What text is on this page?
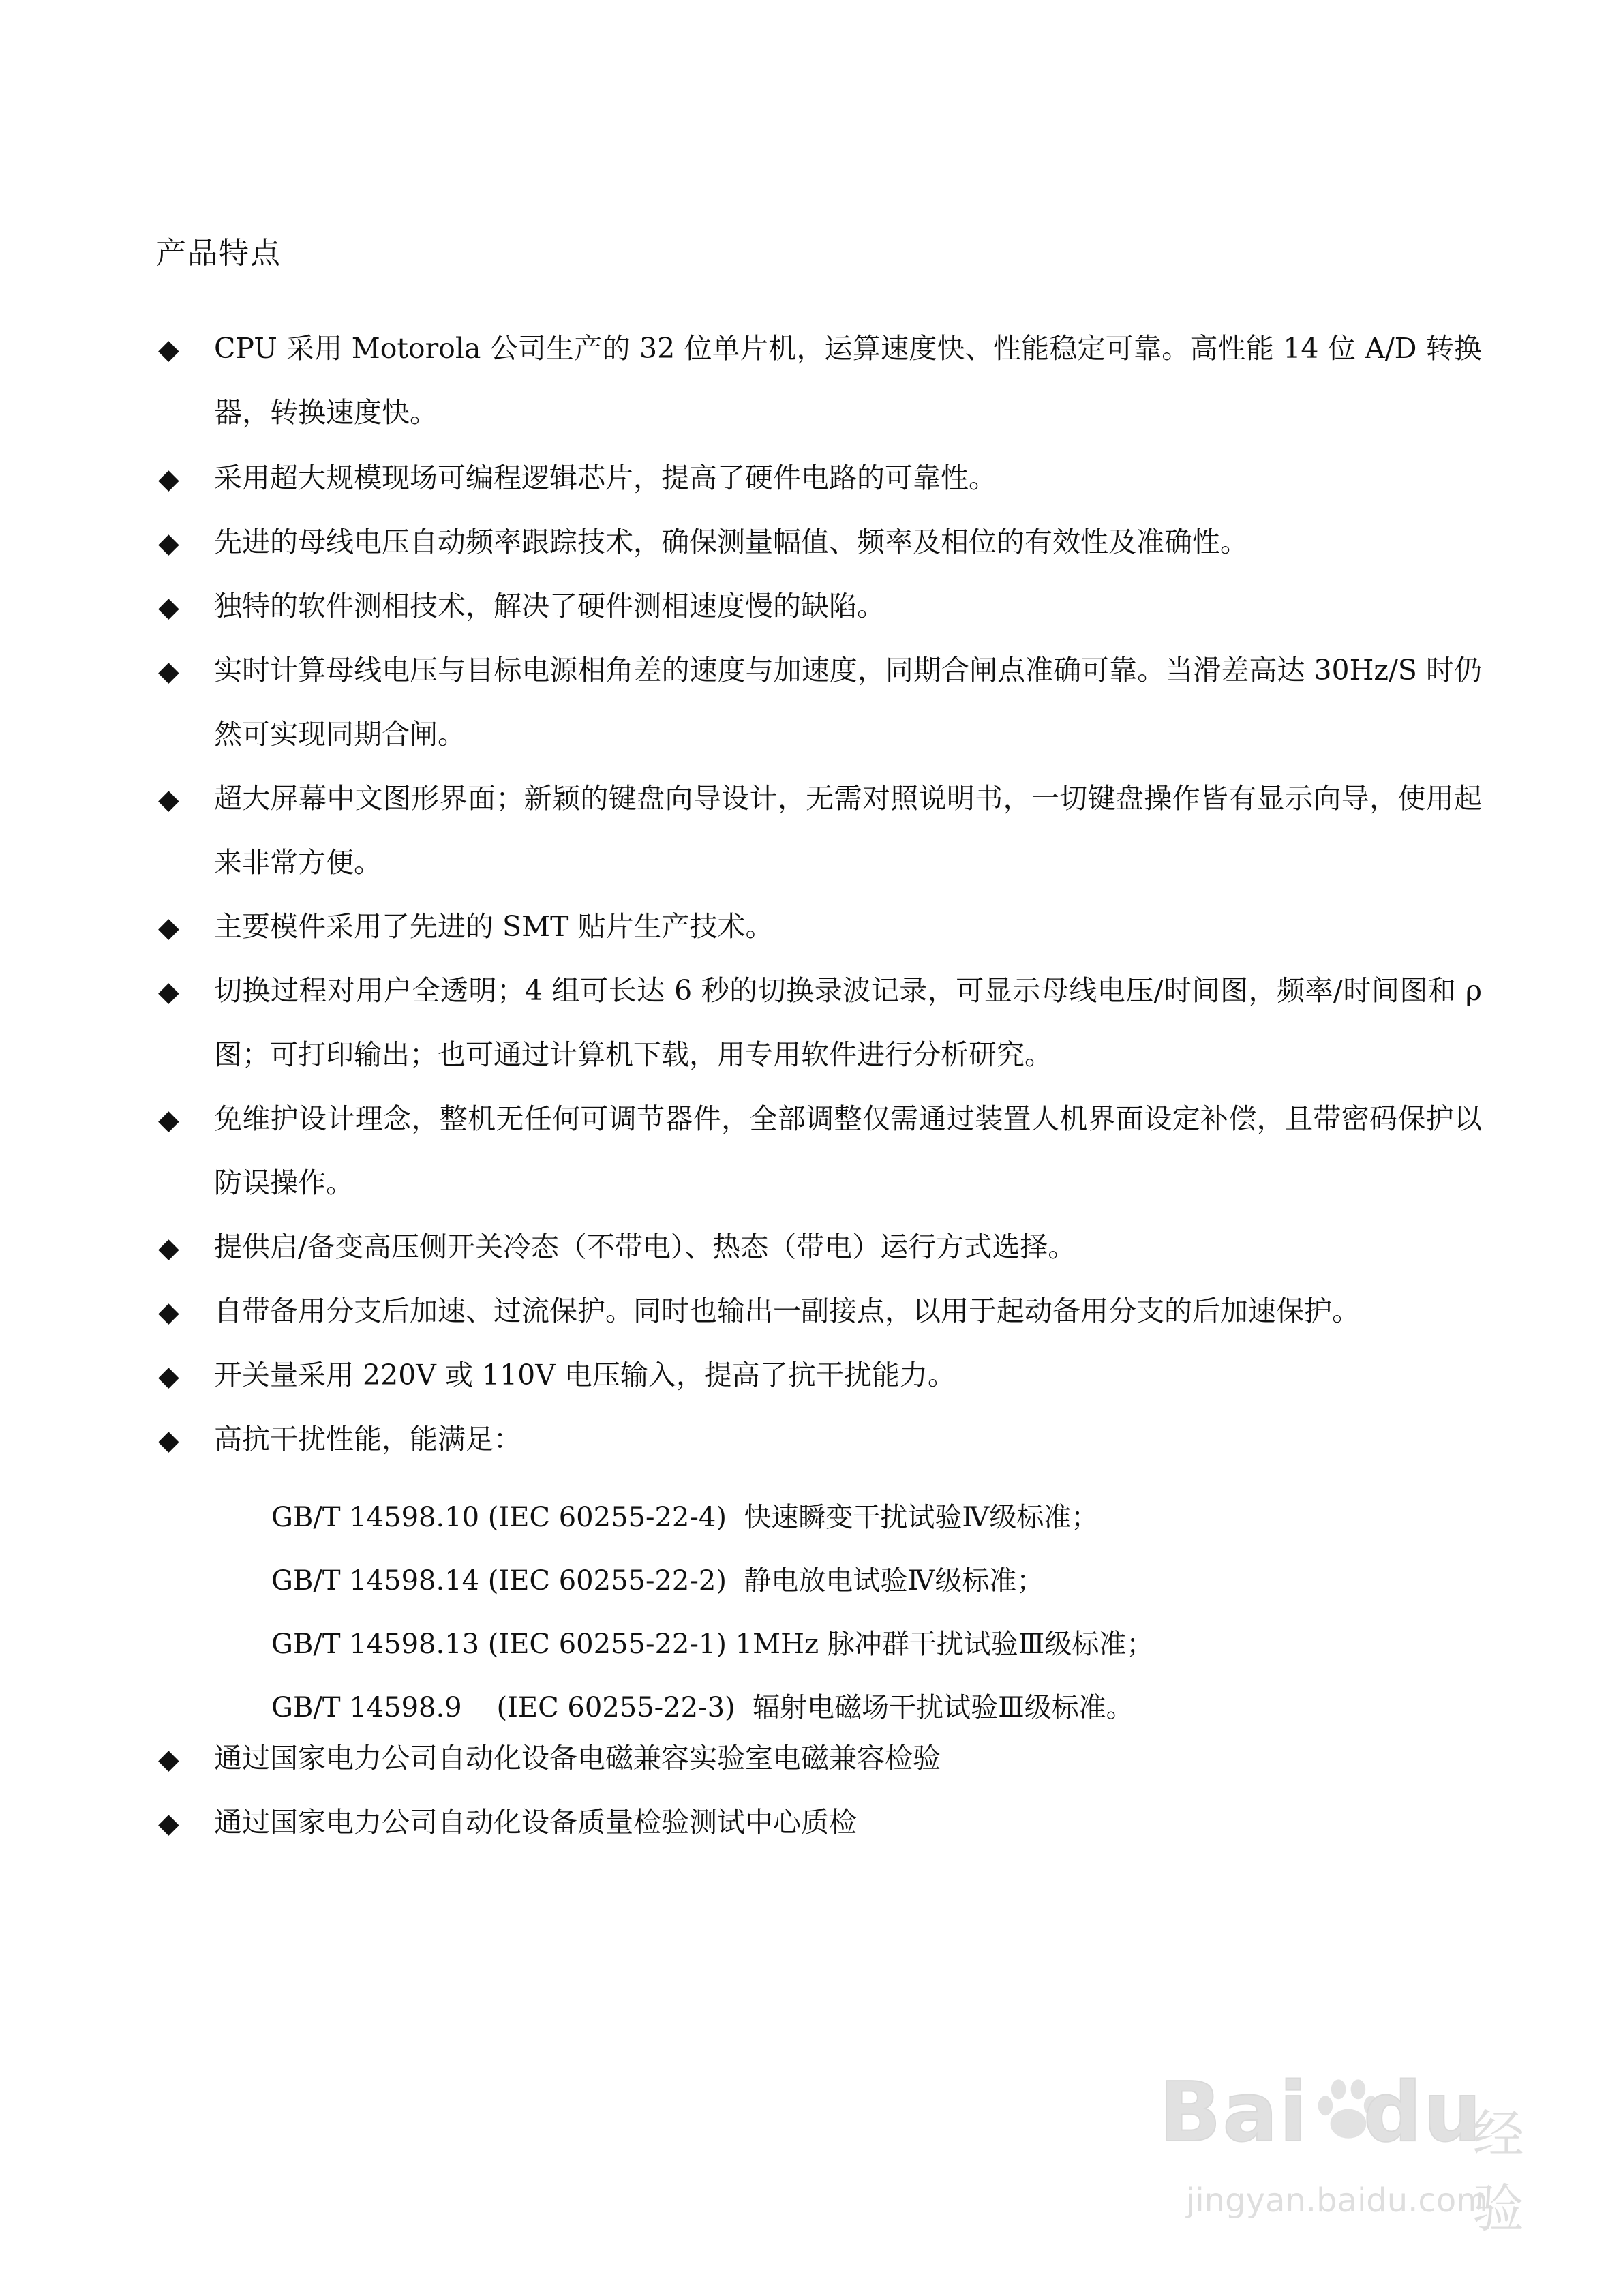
产品特点
◆ CPU 采用 Motorola 公司生产的 32 位单片机，运算速度快、性能稳定可靠。高性能 14 位 A/D 转换器，转换速度快。
◆ 采用超大规模现场可编程逻辑芯片，提高了硬件电路的可靠性。
◆ 先进的母线电压自动频率跟踪技术，确保测量幅值、频率及相位的有效性及准确性。
◆ 独特的软件测相技术，解决了硬件测相速度慢的缺陷。
◆ 实时计算母线电压与目标电源相角差的速度与加速度，同期合闸点准确可靠。当滑差高达 30Hz/S 时仍然可实现同期合闸。
◆ 超大屏幕中文图形界面；新颖的键盘向导设计，无需对照说明书，一切键盘操作皆有显示向导，使用起来非常方便。
◆ 主要模件采用了先进的 SMT 贴片生产技术。
◆ 切换过程对用户全透明；4 组可长达 6 秒的切换录波记录，可显示母线电压/时间图，频率/时间图和 ρ 图；可打印输出；也可通过计算机下载，用专用软件进行分析研究。
◆ 免维护设计理念，整机无任何可调节器件，全部调整仅需通过装置人机界面设定补偿，且带密码保护以防误操作。
◆ 提供启/备变高压侧开关冷态（不带电）、热态（带电）运行方式选择。
◆ 自带备用分支后加速、过流保护。同时也输出一副接点，以用于起动备用分支的后加速保护。
◆ 开关量采用 220V 或 110V 电压输入，提高了抗干扰能力。
◆ 高抗干扰性能，能满足：
◆ 通过国家电力公司自动化设备电磁兼容实验室电磁兼容检验
◆ 通过国家电力公司自动化设备质量检验测试中心质检
GB/T 14598.10 (IEC 60255-22-4)  快速瞬变干扰试验Ⅳ级标准；
GB/T 14598.14 (IEC 60255-22-2)  静电放电试验Ⅳ级标准；
GB/T 14598.13 (IEC 60255-22-1) 1MHz 脉冲群干扰试验Ⅲ级标准；
GB/T 14598.9    (IEC 60255-22-3)  辐射电磁场干扰试验Ⅲ级标准。
Bai du
经验
jingyan.baidu.com
